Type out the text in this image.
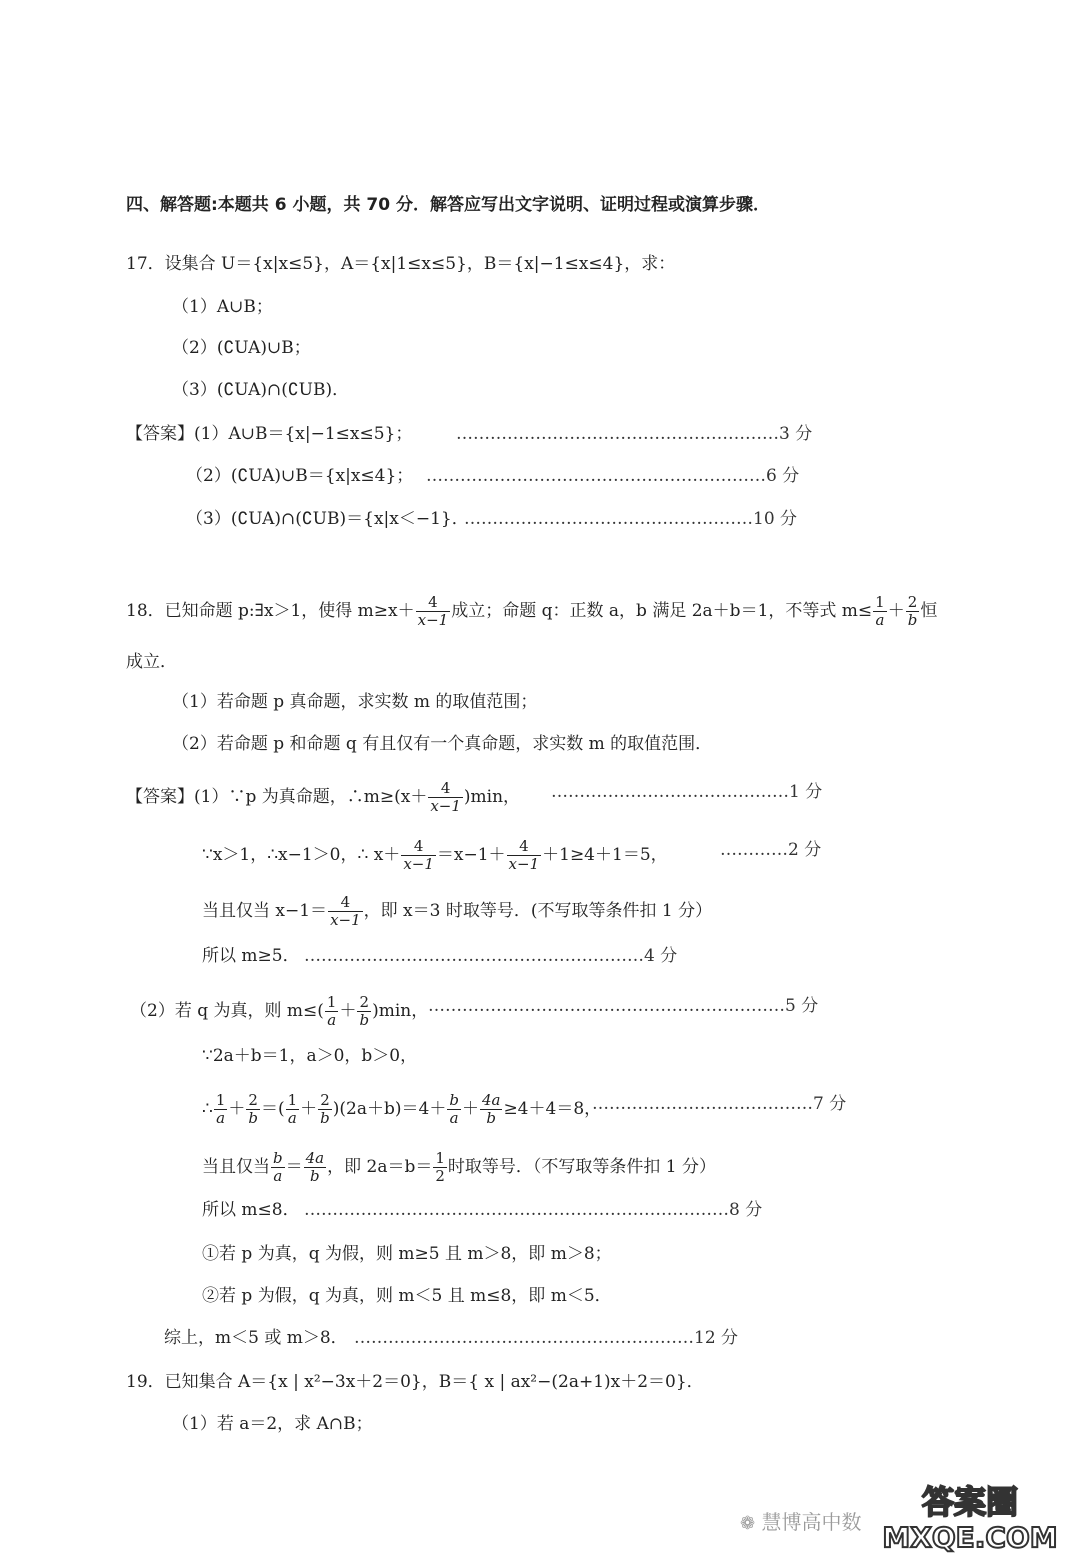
四、解答题:本题共 6 小题，共 70 分．解答应写出文字说明、证明过程或演算步骤．
17．设集合 U＝{x|x≤5}，A＝{x|1≤x≤5}，B＝{x|−1≤x≤4}，求：
（1）A∪B；
（2）(∁UA)∪B；
（3）(∁UA)∩(∁UB)．
【答案】(1）A∪B＝{x|−1≤x≤5}；	…………………………………………………3 分
（2）(∁UA)∪B＝{x|x≤4}； ……………………………………………………6 分
（3）(∁UA)∩(∁UB)＝{x|x＜−1}．
……………………………………………10 分
18．已知命题 p:∃x＞1，使得 $m\ge x+ \frac{4}{x-1}$ 成立；命题 q：正数 a，b 满足 2a＋b＝1，不等式 $m\le \frac{1}{a} + \frac{2}{b}$ 恒
成立．
（1）若命题 p 真命题，求实数 m 的取值范围；
（2）若命题 p 和命题 q 有且仅有一个真命题，求实数 m 的取值范围．
【答案】(1）∵p 为真命题，∴m≥(x＋ $\frac{4}{x-1} )\min$， ……………………………………1 分
∵x＞1，∴x−1＞0，∴ $x+ \frac{4}{x-1} =x-1+ \frac{4}{x-1} +1\ge 4+1=5$，	…………2 分
当且仅当 $x-1= \frac{4}{x-1}$ ，即 x＝3 时取等号．(不写取等条件扣 1 分）
所以 m≥5． ……………………………………………………4 分
（2）若 q 为真，则 $m\le( \frac{1}{a} + \frac{2}{b} )\min$， ………………………………………………………5 分
∵2a＋b＝1，a＞0，b＞0，
∴ $\frac{1}{a} + \frac{2}{b}$ ＝( $\frac{1}{a} + \frac{2}{b} )(2a+b)=4+ \frac{b}{a} + \frac{4a}{b} \ge 4+4=8$，
…………………………………7 分
当且仅当 $\frac{b}{a} = \frac{4a}{b}$ ，即 $2a=b= \frac{1}{2}$ 时取等号．（不写取等条件扣 1 分）
所以 m≤8． …………………………………………………………………8 分
①若 p 为真，q 为假，则 m≥5 且 m＞8，即 m＞8；
②若 p 为假，q 为真，则 m＜5 且 m≤8，即 m＜5．
综上，m＜5 或 m＞8． ……………………………………………………12 分
19．已知集合 A＝{x | x²−3x＋2＝0}，B＝{ x | ax²−(2a+1)x＋2＝0}．
（1）若 a＝2，求 A∩B；
❁ 慧博高中数
答案圈
MXQE.COM
